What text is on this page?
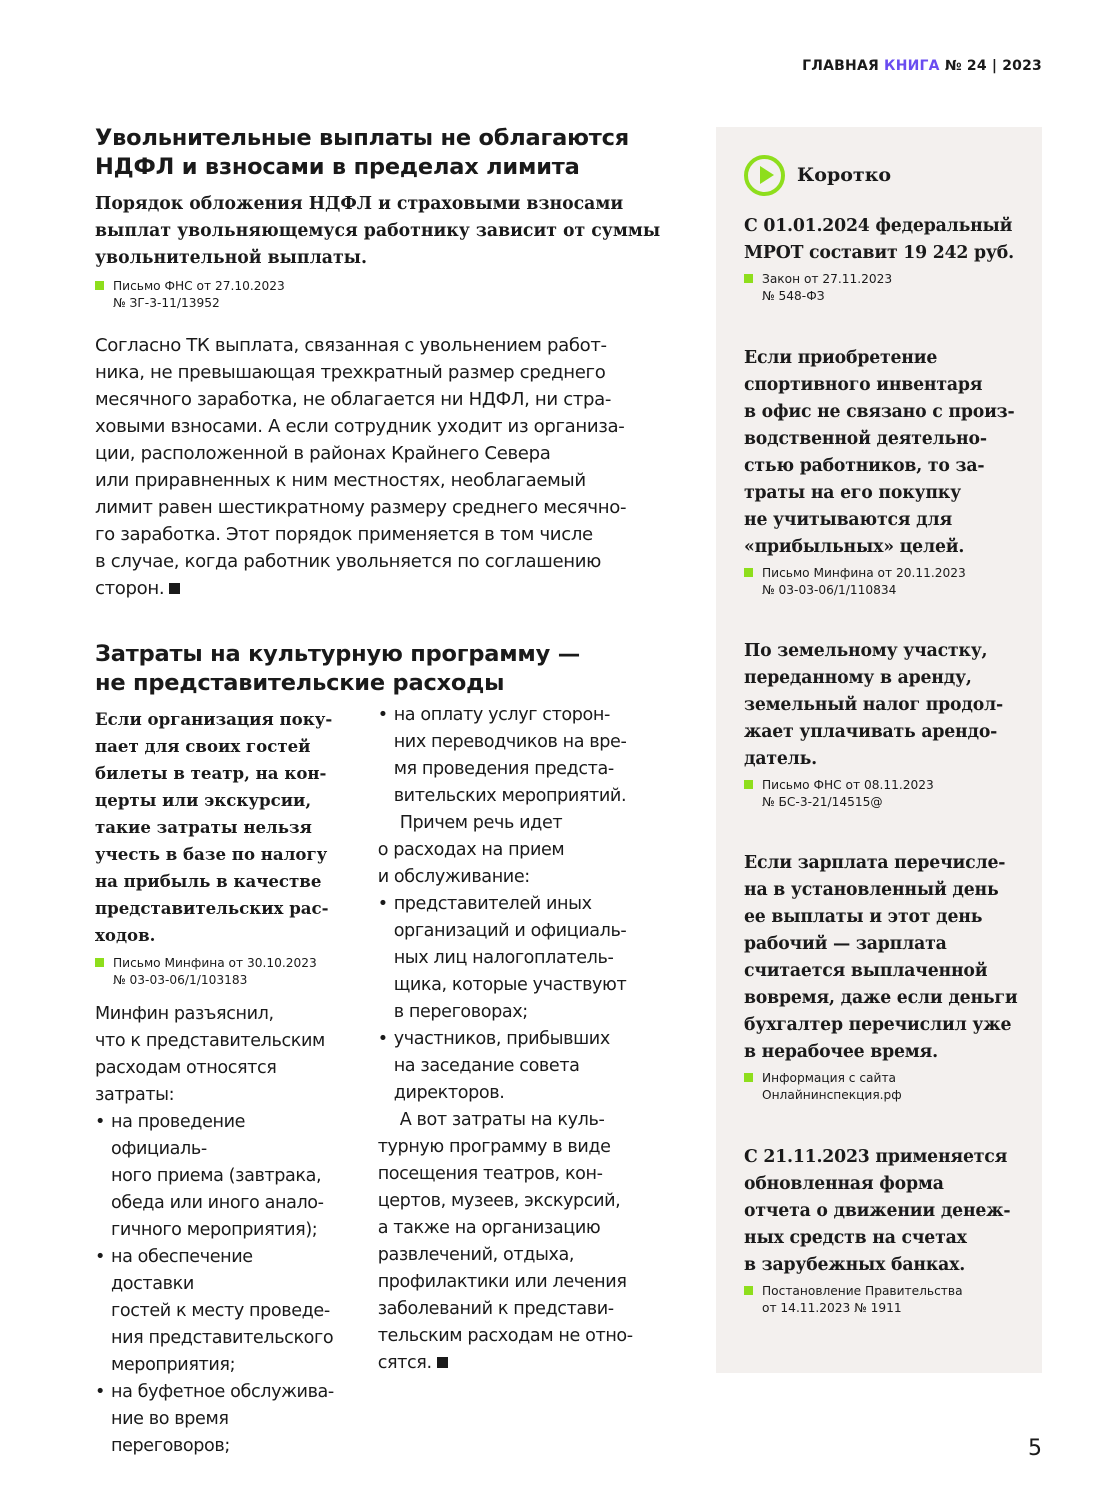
ГЛАВНАЯ КНИГА № 24 | 2023
Увольнительные выплаты не облагаются
НДФЛ и взносами в пределах лимита

Порядок обложения НДФЛ и страховыми взносами
выплат увольняющемуся работнику зависит от суммы
увольнительной выплаты.

Письмо ФНС от 27.10.2023
№ ЗГ-3-11/13952

Согласно ТК выплата, связанная с увольнением работ-
ника, не превышающая трехкратный размер среднего
месячного заработка, не облагается ни НДФЛ, ни стра-
ховыми взносами. А если сотрудник уходит из организа-
ции, расположенной в районах Крайнего Севера
или приравненных к ним местностях, необлагаемый
лимит равен шестикратному размеру среднего месячно-
го заработка. Этот порядок применяется в том числе
в случае, когда работник увольняется по соглашению
сторон.

Затраты на культурную программу —
не представительские расходы

Если организация поку-
пает для своих гостей
билеты в театр, на кон-
церты или экскурсии,
такие затраты нельзя
учесть в базе по налогу
на прибыль в качестве
представительских рас-
ходов.

Письмо Минфина от 30.10.2023
№ 03-03-06/1/103183

Минфин разъяснил,
что к представительским
расходам относятся
затраты:

• на проведение официаль-
ного приема (завтрака,
обеда или иного анало-
гичного мероприятия);
• на обеспечение доставки
гостей к месту проведе-
ния представительского
мероприятия;
• на буфетное обслужива-
ние во время переговоров;
• на оплату услуг сторон-
них переводчиков на вре-
мя проведения предста-
вительских мероприятий.

Причем речь идет
о расходах на прием
и обслуживание:

• представителей иных
организаций и официаль-
ных лиц налогоплатель-
щика, которые участвуют
в переговорах;
• участников, прибывших
на заседание совета
директоров.

А вот затраты на куль-
турную программу в виде
посещения театров, кон-
цертов, музеев, экскурсий,
а также на организацию
развлечений, отдыха,
профилактики или лечения
заболеваний к представи-
тельским расходам не отно-
сятся.

Коротко

С 01.01.2024 федеральный
МРОТ составит 19 242 руб.

Закон от 27.11.2023
№ 548-ФЗ

Если приобретение
спортивного инвентаря
в офис не связано с произ-
водственной деятельно-
стью работников, то за-
траты на его покупку
не учитываются для
«прибыльных» целей.

Письмо Минфина от 20.11.2023
№ 03-03-06/1/110834

По земельному участку,
переданному в аренду,
земельный налог продол-
жает уплачивать арендо-
датель.

Письмо ФНС от 08.11.2023
№ БС-3-21/14515@

Если зарплата перечисле-
на в установленный день
ее выплаты и этот день
рабочий — зарплата
считается выплаченной
вовремя, даже если деньги
бухгалтер перечислил уже
в нерабочее время.

Информация с сайта
Онлайнинспекция.рф

С 21.11.2023 применяется
обновленная форма
отчета о движении денеж-
ных средств на счетах
в зарубежных банках.

Постановление Правительства
от 14.11.2023 № 1911
5
